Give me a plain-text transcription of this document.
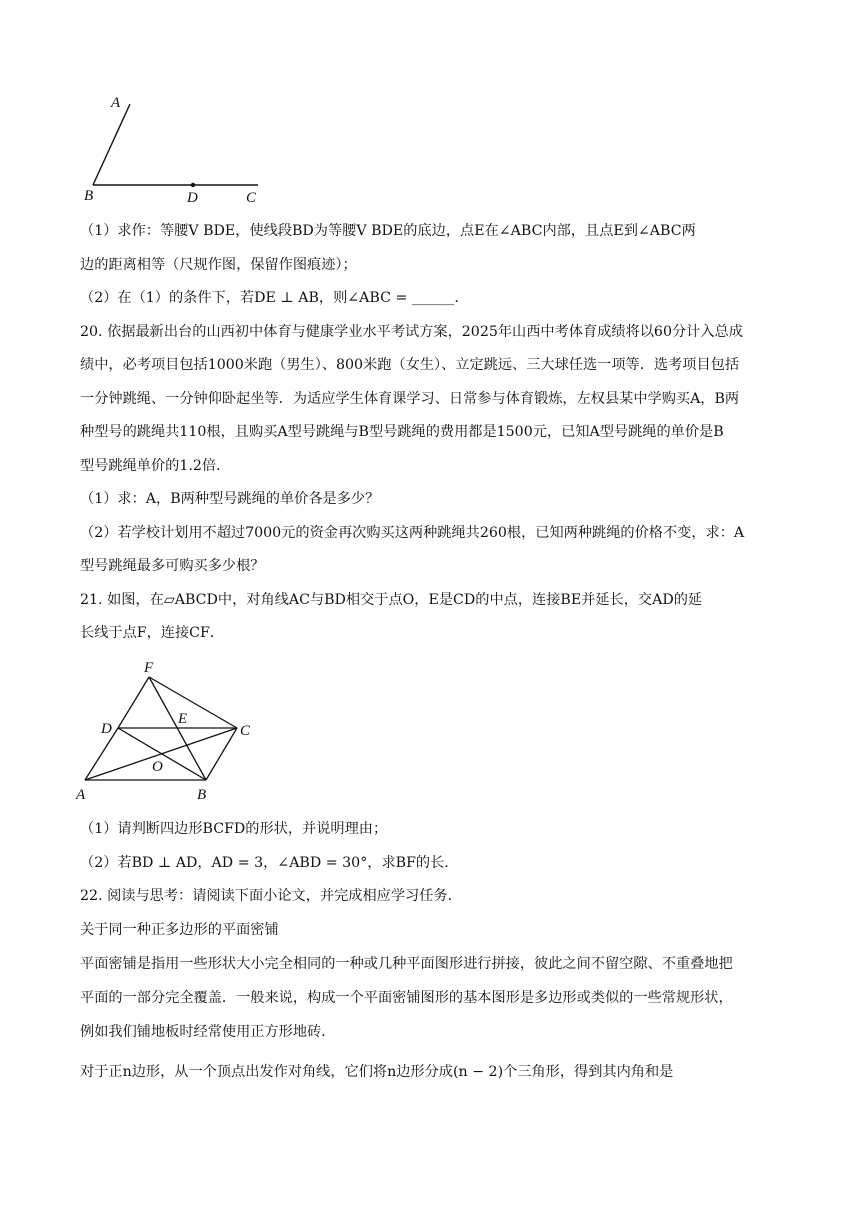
A
B	D	C
（1）求作：等腰V BDE，使线段BD为等腰V BDE的底边，点E在∠ABC内部，且点E到∠ABC两
边的距离相等（尺规作图，保留作图痕迹）；
（2）在（1）的条件下，若DE ⊥ AB，则∠ABC = ______.
20. 依据最新出台的山西初中体育与健康学业水平考试方案，2025年山西中考体育成绩将以60分计入总成
绩中，必考项目包括1000米跑（男生）、800米跑（女生）、立定跳远、三大球任选一项等．选考项目包括
一分钟跳绳、一分钟仰卧起坐等．为适应学生体育课学习、日常参与体育锻炼，左权县某中学购买A，B两
种型号的跳绳共110根，且购买A型号跳绳与B型号跳绳的费用都是1500元，已知A型号跳绳的单价是B
型号跳绳单价的1.2倍．
（1）求：A，B两种型号跳绳的单价各是多少？
（2）若学校计划用不超过7000元的资金再次购买这两种跳绳共260根，已知两种跳绳的价格不变，求：A
型号跳绳最多可购买多少根？
21. 如图，在▱ABCD中，对角线AC与BD相交于点O，E是CD的中点，连接BE并延长，交AD的延
长线于点F，连接CF．
F
D
E
C
O
A	B
（1）请判断四边形BCFD的形状，并说明理由；
（2）若BD ⊥ AD，AD = 3，∠ABD = 30°，求BF的长．
22. 阅读与思考：请阅读下面小论文，并完成相应学习任务．
关于同一种正多边形的平面密铺
平面密铺是指用一些形状大小完全相同的一种或几种平面图形进行拼接，彼此之间不留空隙、不重叠地把
平面的一部分完全覆盖．一般来说，构成一个平面密铺图形的基本图形是多边形或类似的一些常规形状，
例如我们铺地板时经常使用正方形地砖．
对于正n边形，从一个顶点出发作对角线，它们将n边形分成(n − 2)个三角形，得到其内角和是
